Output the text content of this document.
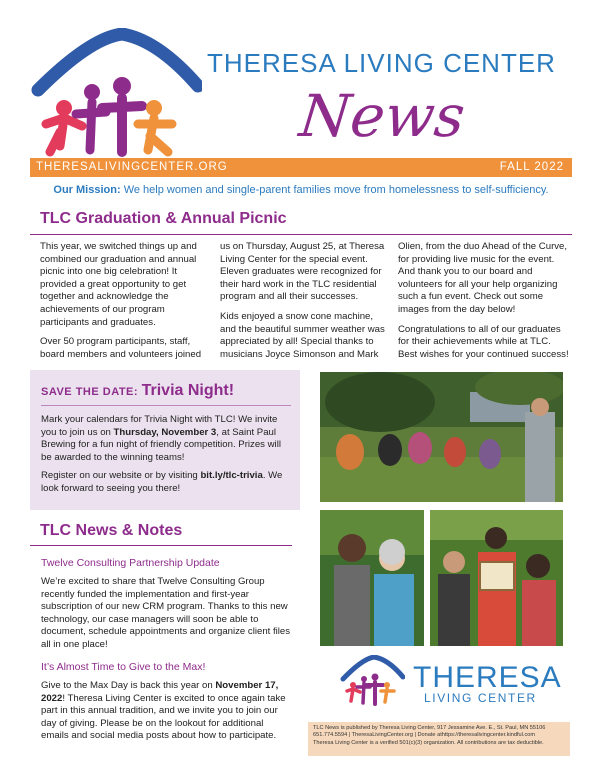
THERESA LIVING CENTER
News
THERESALIVINGCENTER.ORG	FALL 2022
Our Mission: We help women and single-parent families move from homelessness to self-sufficiency.
TLC Graduation & Annual Picnic

This year, we switched things up and combined our graduation and annual picnic into one big celebration! It provided a great opportunity to get together and acknowledge the achievements of our program participants and graduates.

Over 50 program participants, staff, board members and volunteers joined

us on Thursday, August 25, at Theresa Living Center for the special event. Eleven graduates were recognized for their hard work in the TLC residential program and all their successes.

Kids enjoyed a snow cone machine, and the beautiful summer weather was appreciated by all! Special thanks to musicians Joyce Simonson and Mark

Olien, from the duo Ahead of the Curve, for providing live music for the event. And thank you to our board and volunteers for all your help organizing such a fun event. Check out some images from the day below!

Congratulations to all of our graduates for their achievements while at TLC. Best wishes for your continued success!

SAVE THE DATE: Trivia Night!

Mark your calendars for Trivia Night with TLC! We invite you to join us on Thursday, November 3, at Saint Paul Brewing for a fun night of friendly competition. Prizes will be awarded to the winning teams!

Register on our website or by visiting bit.ly/tlc-trivia. We look forward to seeing you there!

TLC News & Notes
Twelve Consulting Partnership Update
We’re excited to share that Twelve Consulting Group recently funded the implementation and first-year subscription of our new CRM program. Thanks to this new technology, our case managers will soon be able to document, schedule appointments and organize client files all in one place!
It’s Almost Time to Give to the Max!
Give to the Max Day is back this year on November 17, 2022! Theresa Living Center is excited to once again take part in this annual tradition, and we invite you to join our day of giving. Please be on the lookout for additional emails and social media posts about how to participate.
THERESA
LIVING CENTER
TLC News is published by Theresa Living Center, 917 Jessamine Ave. E., St. Paul, MN 55106
651.774.5594 | TheresaLivingCenter.org | Donate athttps://theresalivingcenter.kindful.com
Theresa Living Center is a verified 501(c)(3) organization. All contributions are tax deductible.
